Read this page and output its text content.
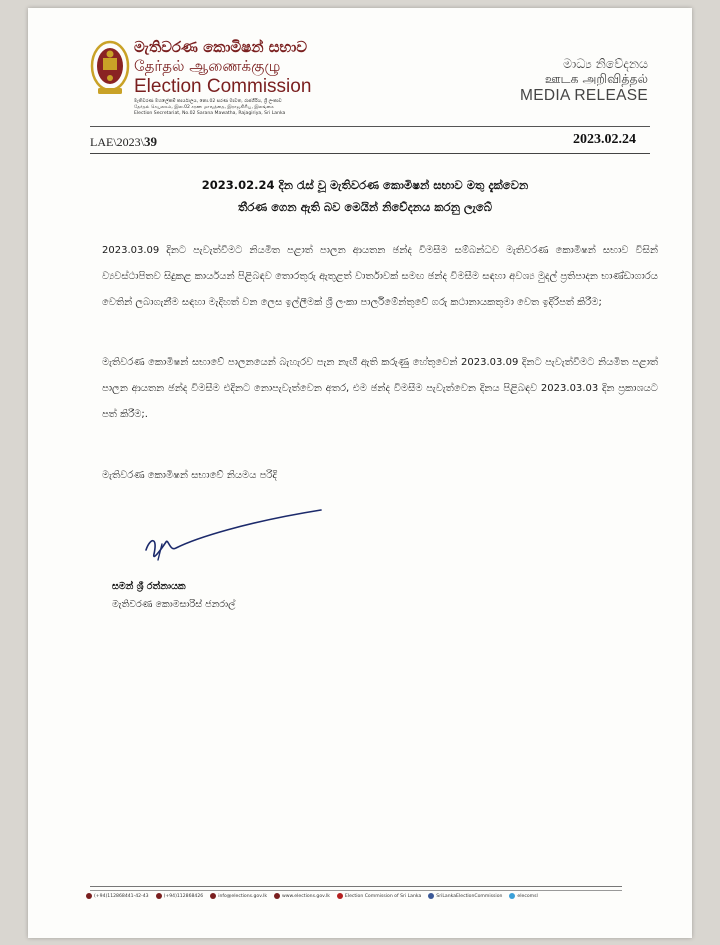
මැතිවරණ කොමිෂන් සභාව
தேர்தல் ஆணைக்குழு
Election Commission
මැතිවරණ මහලේකම් කාර්යාලය, නො.02 සරණ මාවත, රාජගිරිය, ශ්‍රී ලංකාව
தேர்தல் செயலகம், இல.02 சரண மாவத்தை, இராஜகிரிய, இலங்கை
Election Secretariat, No.02 Sarana Mawatha, Rajagiriya, Sri Lanka
මාධ්‍ය නිවේදනය
ஊடக அறிவித்தல்
MEDIA RELEASE
LAE\2023\39	2023.02.24
2023.02.24 දින රැස් වූ මැතිවරණ කොමිෂන් සභාව මතු දැක්වෙන
තීරණ ගෙන ඇති බව මෙයින් නිවේදනය කරනු ලැබේ
2023.03.09 දිනට පැවැත්වීමට නියමිත පළාත් පාලන ආයතන ඡන්ද විමසීම සම්බන්ධව මැතිවරණ කොමිෂන් සභාව විසින් ව්‍යවස්ථාපිතව සිදුකළ කාර්යයන් පිළිබඳව තොරතුරු ඇතුළත් වාර්තාවක් සමඟ ඡන්ද විමසීම සඳහා අවශ්‍ය මුදල් ප්‍රතිපාදන භාණ්ඩාගාරය වෙතින් ලබාගැනීම සඳහා මැදිහත් වන ලෙස ඉල්ලීමක් ශ්‍රී ලංකා පාර්ලිමේන්තුවේ ගරු කථානායකතුමා වෙත ඉදිරිපත් කිරීම;
මැතිවරණ කොමිෂන් සභාවේ පාලනයෙන් බැහැරව පැන නැඟී ඇති කරුණු හේතුවෙන් 2023.03.09 දිනට පැවැත්වීමට නියමිත පළාත් පාලන ආයතන ඡන්ද විමසීම එදිනට නොපැවැත්වෙන අතර, එම ඡන්ද විමසීම පැවැත්වෙන දිනය පිළිබඳව 2023.03.03 දින ප්‍රකාශයට පත් කිරීම;.
මැතිවරණ කොමිෂන් සභාවේ නියමය පරිදි
සමන් ශ්‍රී රත්නායක
මැතිවරණ කොමසාරිස් ජනරාල්
(+94)112868441-42-43	(+94)112868426	info@elections.gov.lk	www.elections.gov.lk	Election Commission of Sri Lanka	SriLankaElectionCommission	elecomsl
